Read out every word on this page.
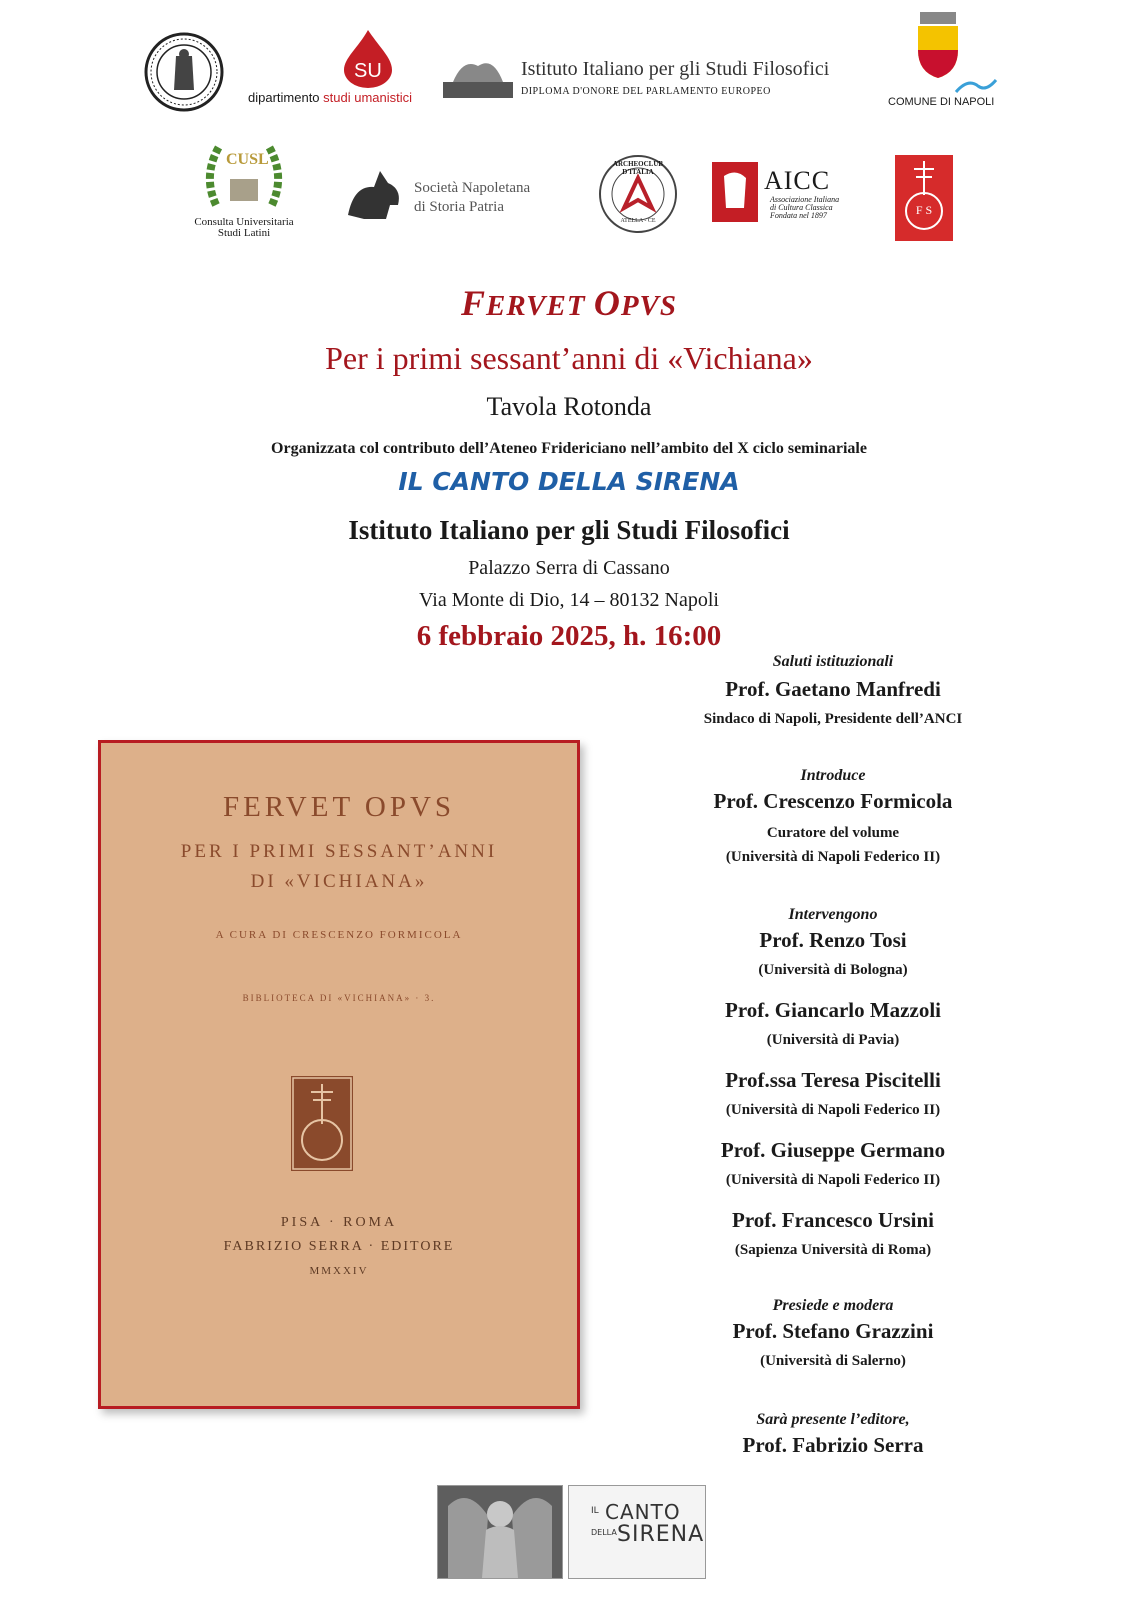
SU
dipartimento studi umanistici
Istituto Italiano per gli Studi Filosofici
DIPLOMA D'ONORE DEL PARLAMENTO EUROPEO
COMUNE DI NAPOLI
CUSL
Consulta Universitaria
Studi Latini
Società Napoletana
di Storia Patria
ARCHEOCLUB D'ITALIA
ATELLA - CE
AICC
Associazione Italiana
di Cultura Classica
Fondata nel 1897	F S
FERVET OPVS
Per i primi sessant’anni di «Vichiana»
Tavola Rotonda
Organizzata col contributo dell’Ateneo Fridericiano nell’ambito del X ciclo seminariale
IL CANTO DELLA SIRENA
Istituto Italiano per gli Studi Filosofici
Palazzo Serra di Cassano
Via Monte di Dio, 14 – 80132 Napoli
6 febbraio 2025, h. 16:00
Saluti istituzionali
Prof. Gaetano Manfredi
Sindaco di Napoli, Presidente dell’ANCI
Introduce
Prof. Crescenzo Formicola
Curatore del volume
(Università di Napoli Federico II)
Intervengono
Prof. Renzo Tosi
(Università di Bologna)
Prof. Giancarlo Mazzoli
(Università di Pavia)
Prof.ssa Teresa Piscitelli
(Università di Napoli Federico II)
Prof. Giuseppe Germano
(Università di Napoli Federico II)
Prof. Francesco Ursini
(Sapienza Università di Roma)
Presiede e modera
Prof. Stefano Grazzini
(Università di Salerno)
Sarà presente l’editore,
Prof. Fabrizio Serra
FERVET OPVS
PER I PRIMI SESSANT’ANNI
DI «VICHIANA»
A CURA DI CRESCENZO FORMICOLA
BIBLIOTECA DI «VICHIANA» · 3.
PISA · ROMA
FABRIZIO SERRA · EDITORE
MMXXIV
IL CANTO
DELLA SIRENA
